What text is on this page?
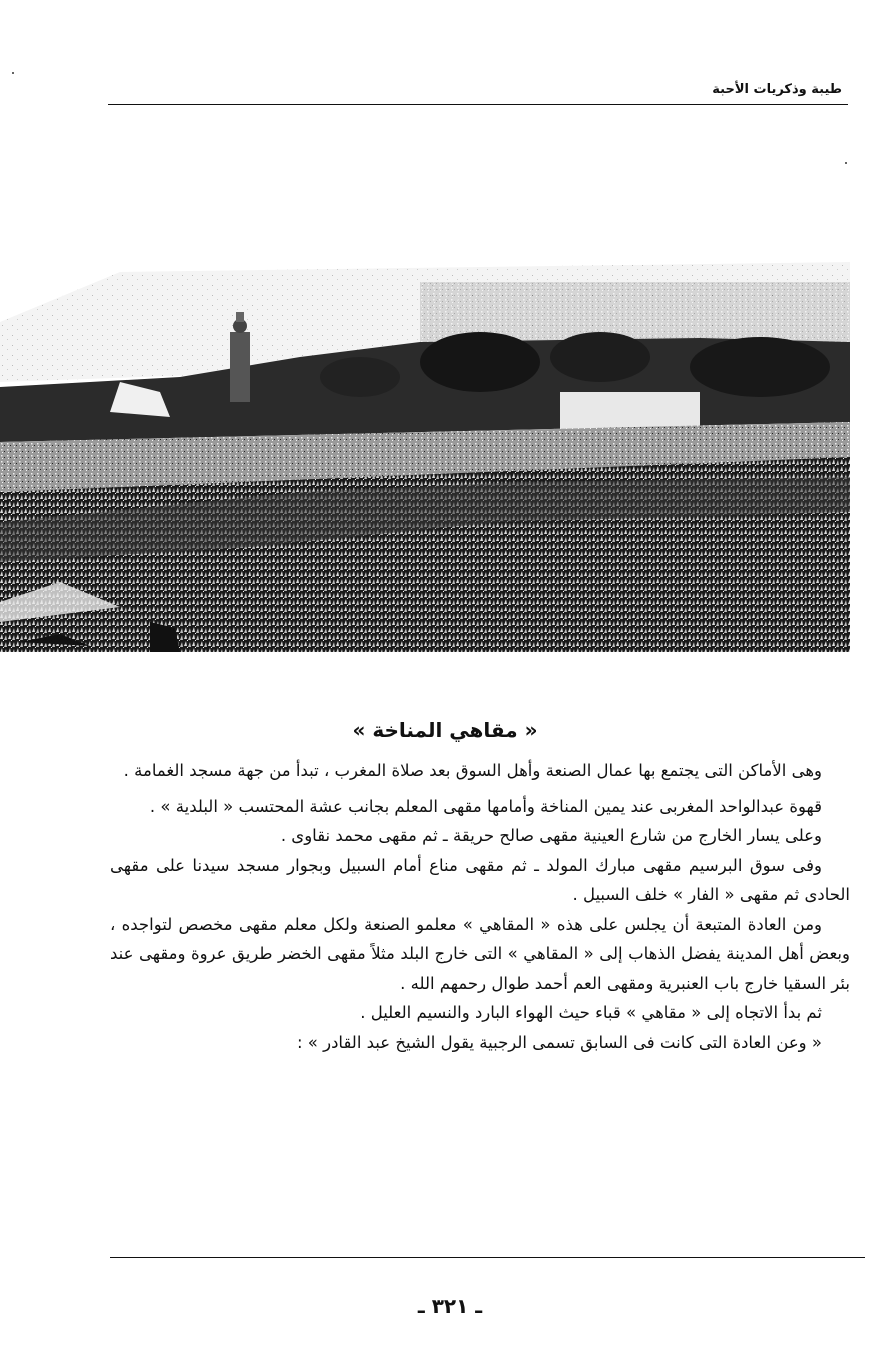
طيبة وذكريات الأحبة
« مقاهي المناخة »

وهى الأماكن التى يجتمع بها عمال الصنعة وأهل السوق بعد صلاة المغرب ، تبدأ من جهة مسجد الغمامة .

قهوة عبدالواحد المغربى عند يمين المناخة وأمامها مقهى المعلم بجانب عشة المحتسب « البلدية » .

وعلى يسار الخارج من شارع العينية مقهى صالح حريقة ـ ثم مقهى محمد نقاوى .

وفى سوق البرسيم مقهى مبارك المولد ـ ثم مقهى مناع أمام السبيل وبجوار مسجد سيدنا على مقهى الحادى ثم مقهى « الفار » خلف السبيل .

ومن العادة المتبعة أن يجلس على هذه « المقاهي » معلمو الصنعة ولكل معلم مقهى مخصص لتواجده ، وبعض أهل المدينة يفضل الذهاب إلى « المقاهي » التى خارج البلد مثلاً مقهى الخضر طريق عروة ومقهى عند بئر السقيا خارج باب العنبرية ومقهى العم أحمد طوال رحمهم الله .

ثم بدأ الاتجاه إلى « مقاهي » قباء حيث الهواء البارد والنسيم العليل .

« وعن العادة التى كانت فى السابق تسمى الرجبية يقول الشيخ عبد القادر » :

ـ ٣٢١ ـ
